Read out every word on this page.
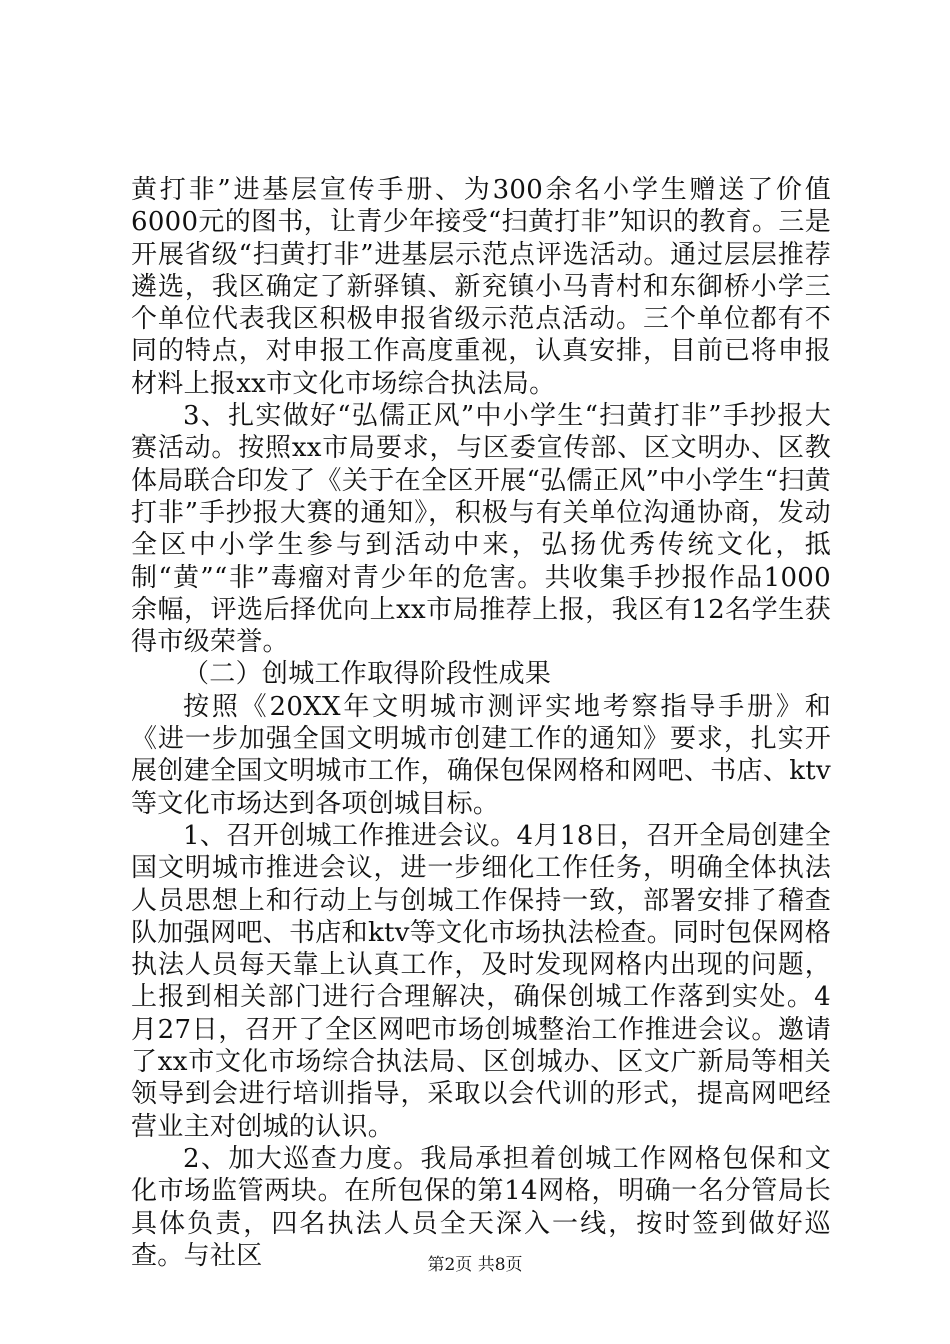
黄打非”进基层宣传手册、为300余名小学生赠送了价值6000元的图书，让青少年接受“扫黄打非”知识的教育。三是开展省级“扫黄打非”进基层示范点评选活动。通过层层推荐遴选，我区确定了新驿镇、新兖镇小马青村和东御桥小学三个单位代表我区积极申报省级示范点活动。三个单位都有不同的特点，对申报工作高度重视，认真安排，目前已将申报材料上报xx市文化市场综合执法局。

3、扎实做好“弘儒正风”中小学生“扫黄打非”手抄报大赛活动。按照xx市局要求，与区委宣传部、区文明办、区教体局联合印发了《关于在全区开展“弘儒正风”中小学生“扫黄打非”手抄报大赛的通知》，积极与有关单位沟通协商，发动全区中小学生参与到活动中来，弘扬优秀传统文化，抵制“黄”“非”毒瘤对青少年的危害。共收集手抄报作品1000余幅，评选后择优向上xx市局推荐上报，我区有12名学生获得市级荣誉。

（二）创城工作取得阶段性成果

按照《20XX年文明城市测评实地考察指导手册》和《进一步加强全国文明城市创建工作的通知》要求，扎实开展创建全国文明城市工作，确保包保网格和网吧、书店、ktv等文化市场达到各项创城目标。

1、召开创城工作推进会议。4月18日，召开全局创建全国文明城市推进会议，进一步细化工作任务，明确全体执法人员思想上和行动上与创城工作保持一致，部署安排了稽查队加强网吧、书店和ktv等文化市场执法检查。同时包保网格执法人员每天靠上认真工作，及时发现网格内出现的问题，上报到相关部门进行合理解决，确保创城工作落到实处。4月27日，召开了全区网吧市场创城整治工作推进会议。邀请了xx市文化市场综合执法局、区创城办、区文广新局等相关领导到会进行培训指导，采取以会代训的形式，提高网吧经营业主对创城的认识。

2、加大巡查力度。我局承担着创城工作网格包保和文化市场监管两块。在所包保的第14网格，明确一名分管局长具体负责，四名执法人员全天深入一线，按时签到做好巡查。与社区	第2页 共8页
